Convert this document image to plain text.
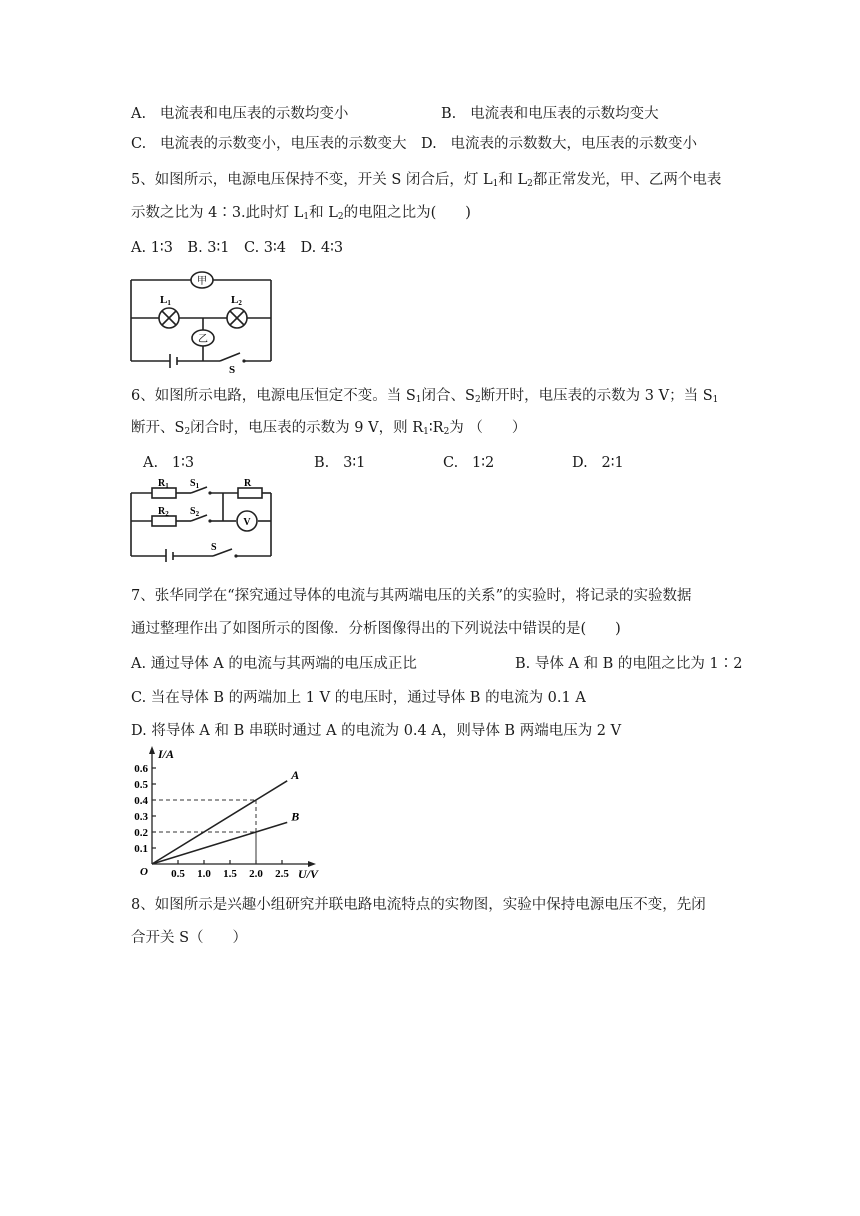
A. 电流表和电压表的示数均变小	B. 电流表和电压表的示数均变大
C. 电流表的示数变小，电压表的示数变大 D. 电流表的示数数大，电压表的示数变小
5、如图所示，电源电压保持不变，开关 S 闭合后，灯 $L_1$和 $L_2$都正常发光，甲、乙两个电表
示数之比为 4∶3.此时灯 $L_1$和 $L_2$的电阻之比为(　　)
A. 1∶3　B. 3∶1　C. 3∶4　D. 4∶3
甲
乙
L1	L2
S
6、如图所示电路，电源电压恒定不变。当 $S_1$闭合、$S_2$断开时，电压表的示数为 3 V；当 $S_1$
断开、$S_2$闭合时，电压表的示数为 9 V，则 $R_1∶R_2$为 （　　）
A. 1∶3	B. 3∶1	C. 1∶2	D. 2∶1
$R_1$ $S_1$	R
$R_2$ $S_2$
V
S
7、张华同学在“探究通过导体的电流与其两端电压的关系”的实验时，将记录的实验数据
通过整理作出了如图所示的图像．分析图像得出的下列说法中错误的是(　　)
A. 通过导体 A 的电流与其两端的电压成正比	B. 导体 A 和 B 的电阻之比为 1∶2
C. 当在导体 B 的两端加上 1 V 的电压时，通过导体 B 的电流为 0.1 A
D. 将导体 A 和 B 串联时通过 A 的电流为 0.4 A，则导体 B 两端电压为 2 V
0.1
0.2
0.3
0.4
0.5
0.6
0.5 1.0 1.5 2.0 2.5
A
B
I/A
U/V
O
8、如图所示是兴趣小组研究并联电路电流特点的实物图，实验中保持电源电压不变，先闭
合开关 S（　　）
